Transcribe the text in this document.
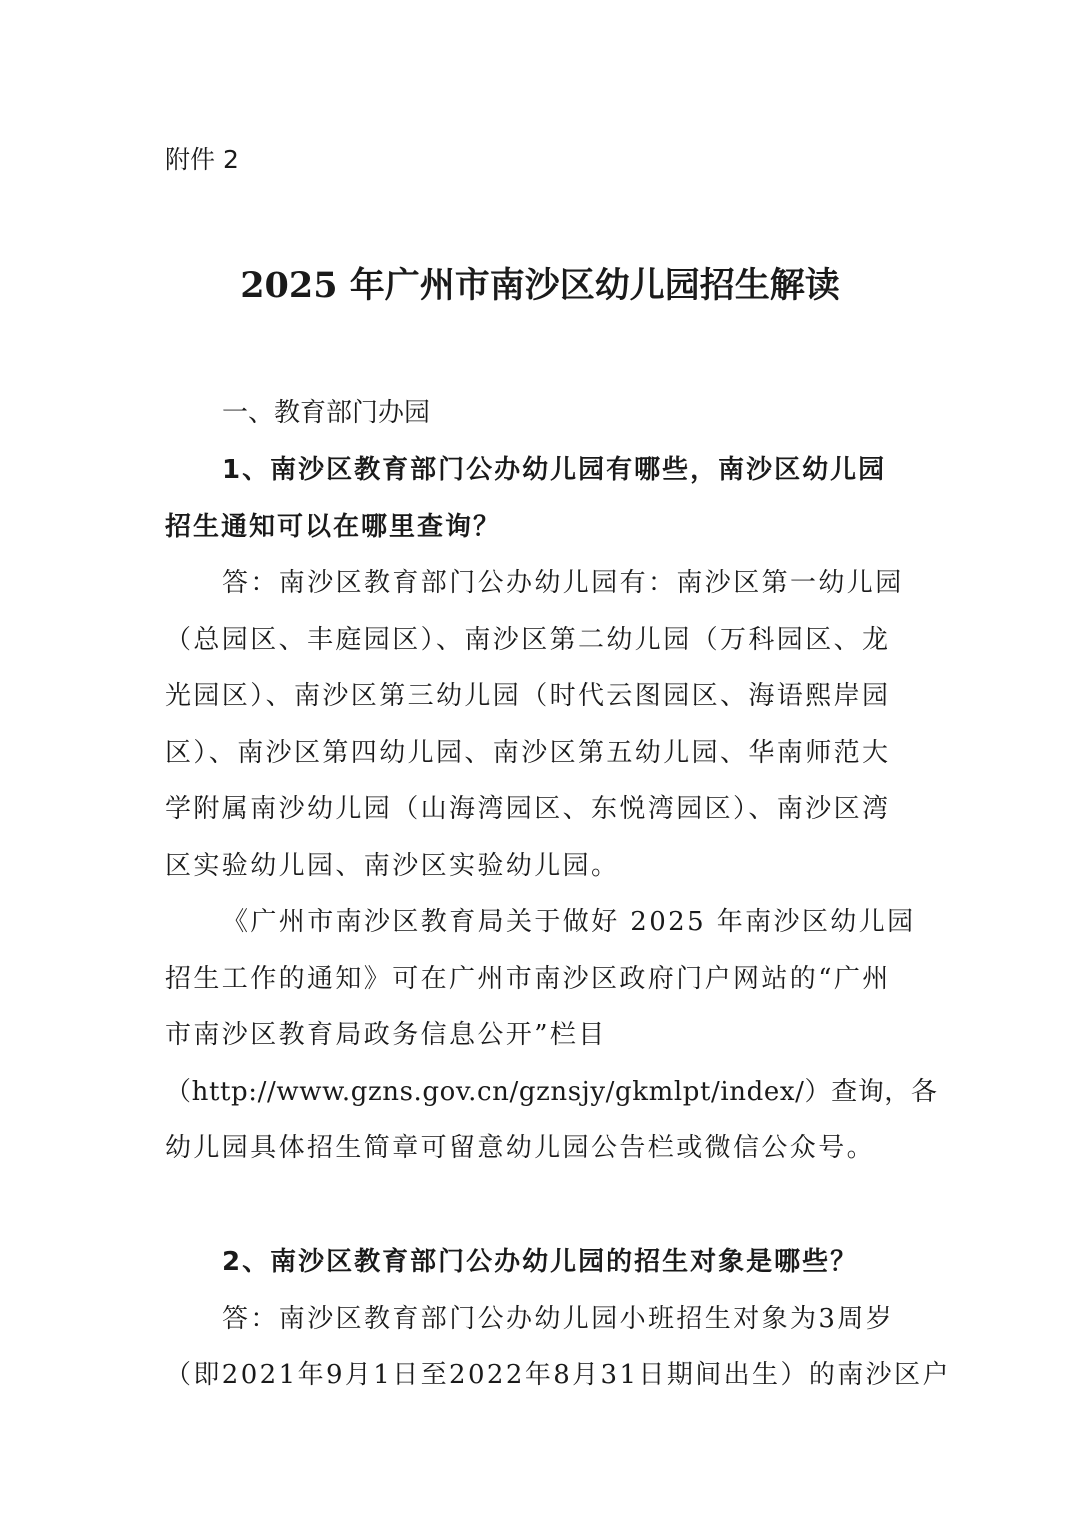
附件 2
2025 年广州市南沙区幼儿园招生解读
一、教育部门办园
1、南沙区教育部门公办幼儿园有哪些，南沙区幼儿园
招生通知可以在哪里查询？
答：南沙区教育部门公办幼儿园有：南沙区第一幼儿园
（总园区、丰庭园区）、南沙区第二幼儿园（万科园区、龙
光园区）、南沙区第三幼儿园（时代云图园区、海语熙岸园
区）、南沙区第四幼儿园、南沙区第五幼儿园、华南师范大
学附属南沙幼儿园（山海湾园区、东悦湾园区）、南沙区湾
区实验幼儿园、南沙区实验幼儿园。
《广州市南沙区教育局关于做好 2025 年南沙区幼儿园
招生工作的通知》可在广州市南沙区政府门户网站的“广州
市南沙区教育局政务信息公开”栏目
（http://www.gzns.gov.cn/gznsjy/gkmlpt/index/）查询，各
幼儿园具体招生简章可留意幼儿园公告栏或微信公众号。
2、南沙区教育部门公办幼儿园的招生对象是哪些？
答：南沙区教育部门公办幼儿园小班招生对象为3周岁
（即2021年9月1日至2022年8月31日期间出生）的南沙区户
